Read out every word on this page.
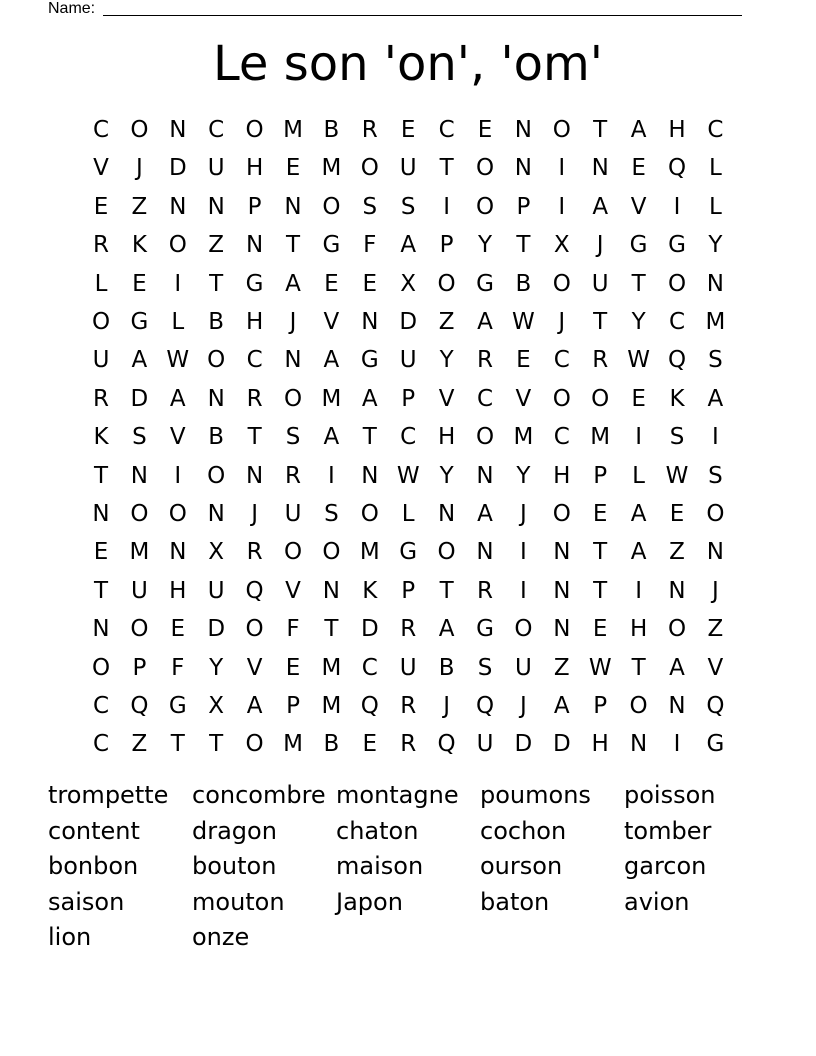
Name:
Le son 'on', 'om'
C O N C O M B R	E	C	E N O T	A H C
V	J	D U H E M O U T O N	I	N E Q L
E	Z N N P N O S	S	I	O P	I	A V	I	L
R K O Z N T G F	A	P	Y	T	X	J	G G Y
L	E	I	T G A	E	E	X O G B O U T O N
O G	L	B H	J	V N D Z A W	J	T	Y	C M
U A W O C N A G U Y	R	E	C R W Q S
R D A N R O M A	P	V C V O O E	K A
K	S	V B	T	S	A	T	C H O M C M	I	S	I
T N	I	O N R	I	N W Y N Y H P	L W S
N O O N	J	U S O L	N A	J	O E	A	E O
E M N X R O O M G O N	I	N T	A Z N
T U H U Q V N K	P	T	R	I	N T	I	N	J
N O E D O F	T D R A G O N E H O Z
O P	F	Y	V	E M C U B	S U Z W T	A V
C Q G X A	P M Q R	J	Q	J	A	P O N Q
C Z	T	T O M B	E	R Q U D D H N	I	G
trompette concombre montagne poumons poisson
content dragon chaton	cochon tomber
bonbon bouton maison ourson	garcon
saison	mouton Japon	baton	avion
lion	onze
